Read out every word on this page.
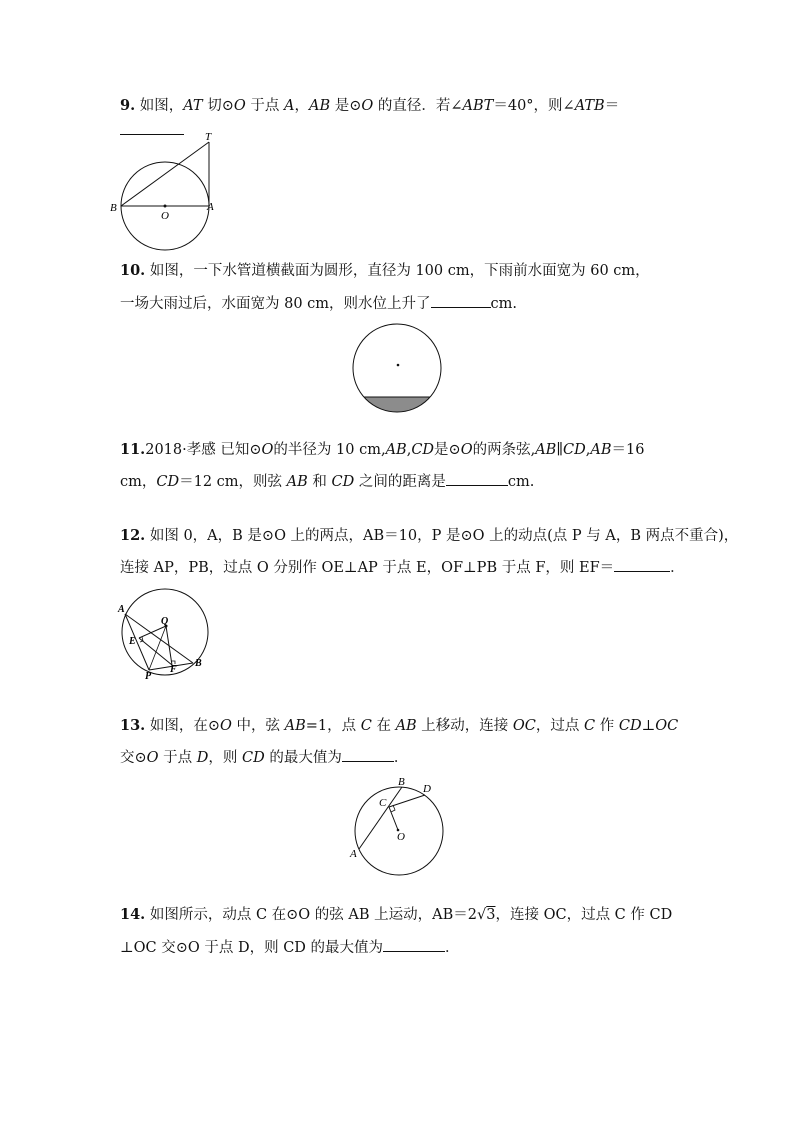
9. 如图，AT 切⊙O 于点 A，AB 是⊙O 的直径．若∠ABT＝40°，则∠ATB＝
T
B
O
A
10. 如图，一下水管道横截面为圆形，直径为 100 cm，下雨前水面宽为 60 cm，
一场大雨过后，水面宽为 80 cm，则水位上升了	cm.
11.2018·孝感 已知⊙O的半径为 10 cm,AB,CD是⊙O的两条弦,AB∥CD,AB＝16
cm，CD＝12 cm，则弦 AB 和 CD 之间的距离是	cm.
12. 如图 0，A，B 是⊙O 上的两点，AB＝10，P 是⊙O 上的动点(点 P 与 A，B 两点不重合)，
连接 AP，PB，过点 O 分别作 OE⊥AP 于点 E，OF⊥PB 于点 F，则 EF＝	．
A
Q
E
P
F
B
13. 如图，在⊙O 中，弦 AB=1，点 C 在 AB 上移动，连接 OC，过点 C 作 CD⊥OC
交⊙O 于点 D，则 CD 的最大值为	．
B
D
C
O
A
14. 如图所示，动点 C 在⊙O 的弦 AB 上运动，AB＝2√3，连接 OC，过点 C 作 CD
⊥OC 交⊙O 于点 D，则 CD 的最大值为	．
